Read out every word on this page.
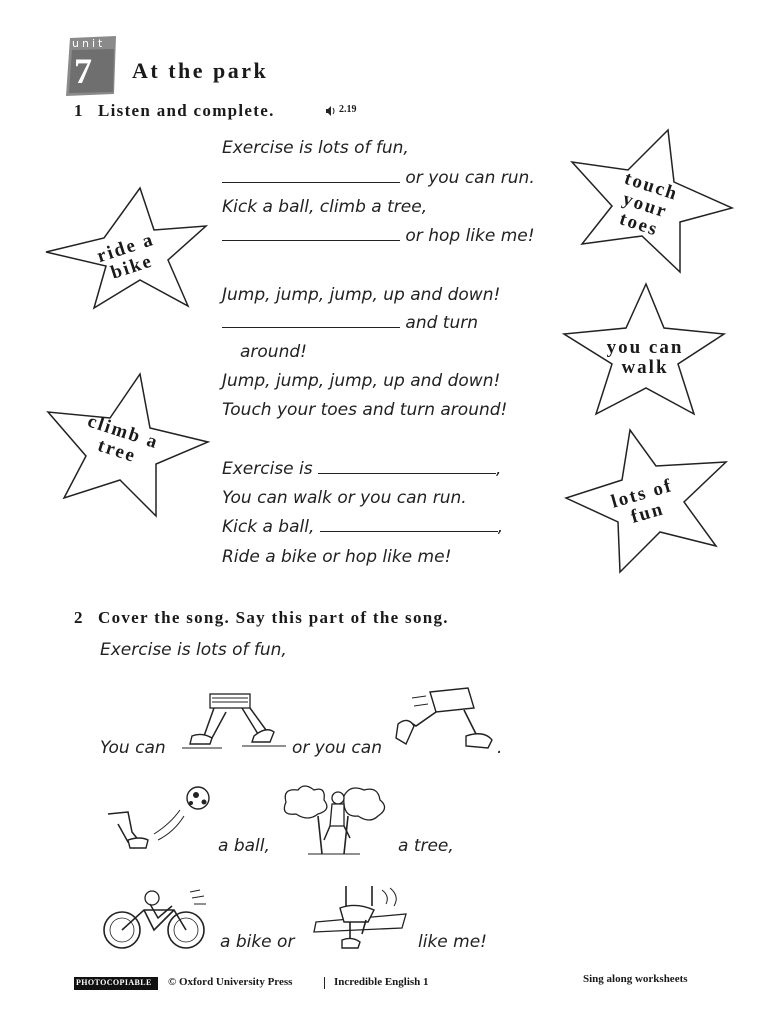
unit
7 At the park
1 Listen and complete.	2.19
Exercise is lots of fun,
or you can run.
Kick a ball, climb a tree,
or hop like me!
Jump, jump, jump, up and down!
and turn
around!
Jump, jump, jump, up and down!
Touch your toes and turn around!
Exercise is	,
You can walk or you can run.
Kick a ball,	,
Ride a bike or hop like me!
ride a bike
climb a tree
touch your toes
you can walk
lots of fun
2 Cover the song. Say this part of the song.
Exercise is lots of fun,
You can	or you can	.
a ball,	a tree,
a bike or	like me!
PHOTOCOPIABLE © Oxford University Press	Incredible English 1	Sing along worksheets
